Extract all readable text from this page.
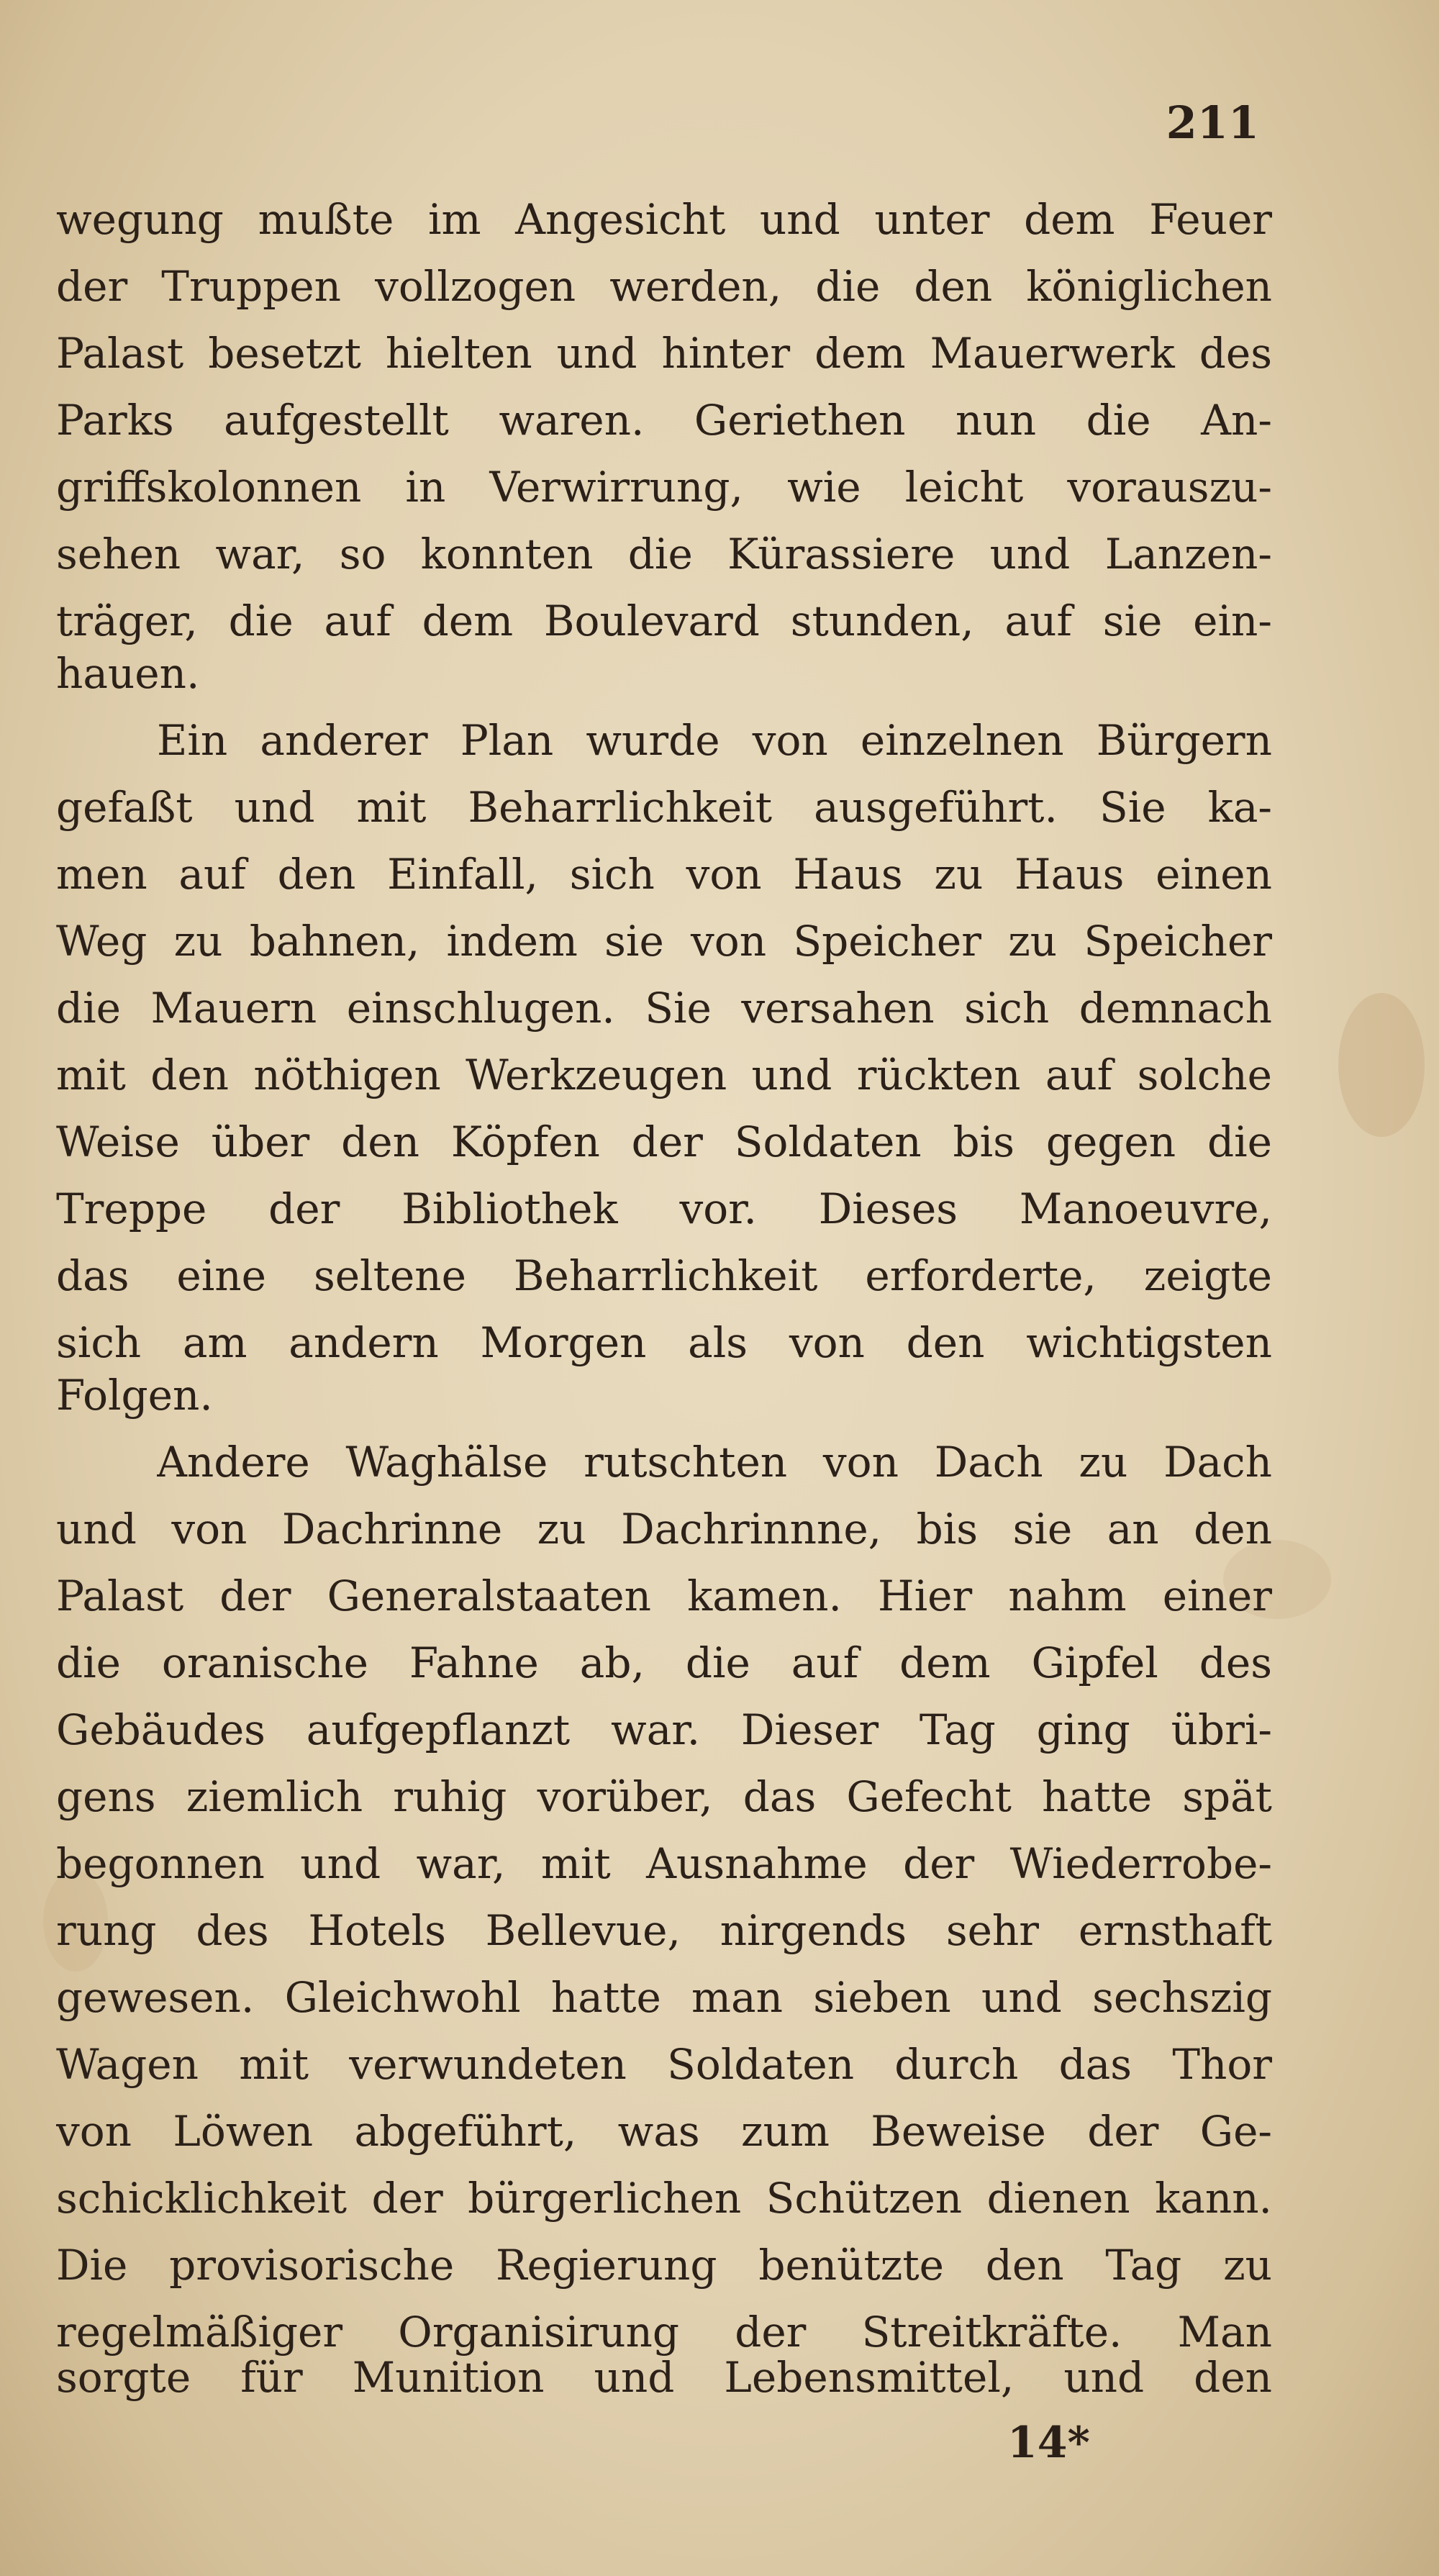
211

wegung mußte im Angesicht und unter dem Feuer

der Truppen vollzogen werden, die den königlichen

Palast besetzt hielten und hinter dem Mauerwerk des

Parks aufgestellt waren. Geriethen nun die An-

griffskolonnen in Verwirrung, wie leicht vorauszu-

sehen war, so konnten die Kürassiere und Lanzen-

träger, die auf dem Boulevard stunden, auf sie ein-

hauen.

Ein anderer Plan wurde von einzelnen Bürgern

gefaßt und mit Beharrlichkeit ausgeführt. Sie ka-

men auf den Einfall, sich von Haus zu Haus einen

Weg zu bahnen, indem sie von Speicher zu Speicher

die Mauern einschlugen. Sie versahen sich demnach

mit den nöthigen Werkzeugen und rückten auf solche

Weise über den Köpfen der Soldaten bis gegen die

Treppe der Bibliothek vor. Dieses Manoeuvre,

das eine seltene Beharrlichkeit erforderte, zeigte

sich am andern Morgen als von den wichtigsten

Folgen.

Andere Waghälse rutschten von Dach zu Dach

und von Dachrinne zu Dachrinnne, bis sie an den

Palast der Generalstaaten kamen. Hier nahm einer

die oranische Fahne ab, die auf dem Gipfel des

Gebäudes aufgepflanzt war. Dieser Tag ging übri-

gens ziemlich ruhig vorüber, das Gefecht hatte spät

begonnen und war, mit Ausnahme der Wiederrobe-

rung des Hotels Bellevue, nirgends sehr ernsthaft

gewesen. Gleichwohl hatte man sieben und sechszig

Wagen mit verwundeten Soldaten durch das Thor

von Löwen abgeführt, was zum Beweise der Ge-

schicklichkeit der bürgerlichen Schützen dienen kann.

Die provisorische Regierung benützte den Tag zu

regelmäßiger Organisirung der Streitkräfte. Man

sorgte für Munition und Lebensmittel, und den

14*
